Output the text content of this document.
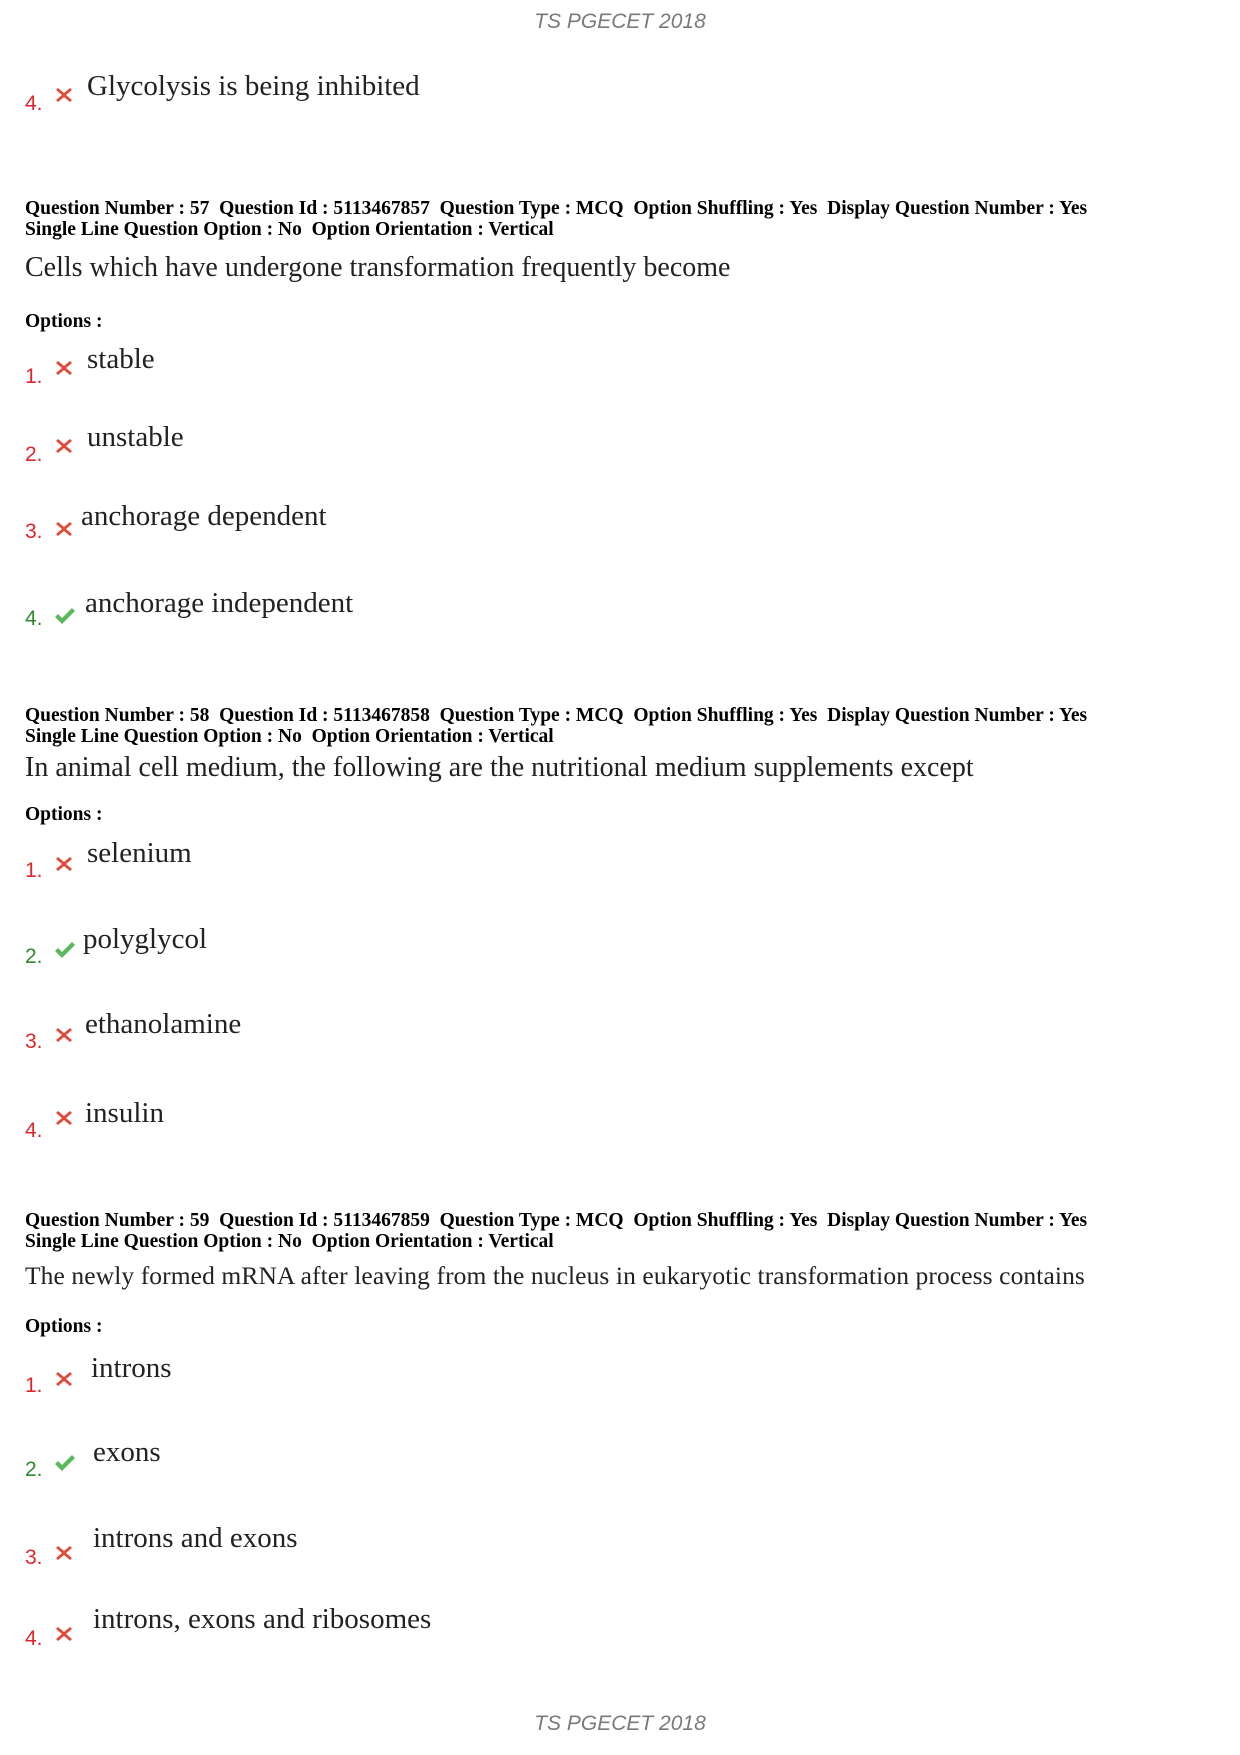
TS PGECET 2018
4.
Glycolysis is being inhibited
Question Number : 57  Question Id : 5113467857  Question Type : MCQ  Option Shuffling : Yes  Display Question Number : Yes
Single Line Question Option : No  Option Orientation : Vertical
Cells which have undergone transformation frequently become
Options :
1.
stable
2.
unstable
3. anchorage dependent
4. anchorage independent
Question Number : 58  Question Id : 5113467858  Question Type : MCQ  Option Shuffling : Yes  Display Question Number : Yes
Single Line Question Option : No  Option Orientation : Vertical
In animal cell medium, the following are the nutritional medium supplements except
Options :
1.
selenium
2.
polyglycol
3.
ethanolamine
4.
insulin
Question Number : 59  Question Id : 5113467859  Question Type : MCQ  Option Shuffling : Yes  Display Question Number : Yes
Single Line Question Option : No  Option Orientation : Vertical
The newly formed mRNA after leaving from the nucleus in eukaryotic transformation process contains
Options :
1.
introns
2.
exons
3.
introns and exons
4.
introns, exons and ribosomes
TS PGECET 2018
